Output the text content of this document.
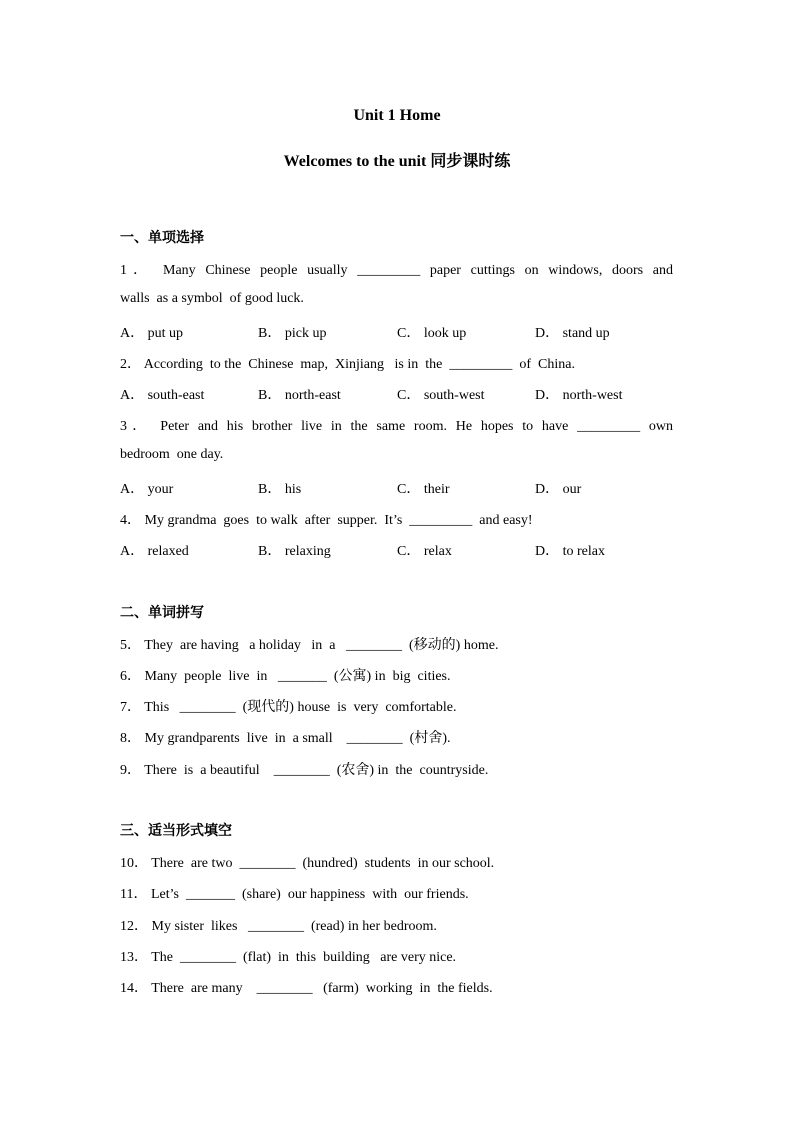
Unit 1 Home
Welcomes to the unit 同步课时练
一、单项选择
1． Many Chinese people usually _________ paper cuttings on windows, doors and
walls  as a symbol  of good luck.
A． put up	B． pick up	C． look up	D． stand up
2． According  to the  Chinese  map,  Xinjiang   is in  the  _________  of  China.
A． south-east	B． north-east	C． south-west	D． north-west
3． Peter and his brother live in the same room. He hopes to have _________ own
bedroom  one day.
A． your	B． his	C． their	D． our
4． My grandma  goes  to walk  after  supper.  It’s  _________  and easy!
A． relaxed	B． relaxing	C． relax	D． to relax
二、单词拼写
5． They  are having   a holiday   in  a   ________  (移动的) home.
6． Many  people  live  in   _______  (公寓) in  big  cities.
7． This   ________  (现代的) house  is  very  comfortable.
8． My grandparents  live  in  a small    ________  (村舍).
9． There  is  a beautiful    ________  (农舍) in  the  countryside.
三、适当形式填空
10． There  are two  ________  (hundred)  students  in our school.
11． Let’s  _______  (share)  our happiness  with  our friends.
12． My sister  likes   ________  (read) in her bedroom.
13． The  ________  (flat)  in  this  building   are very nice.
14． There  are many    ________   (farm)  working  in  the fields.
